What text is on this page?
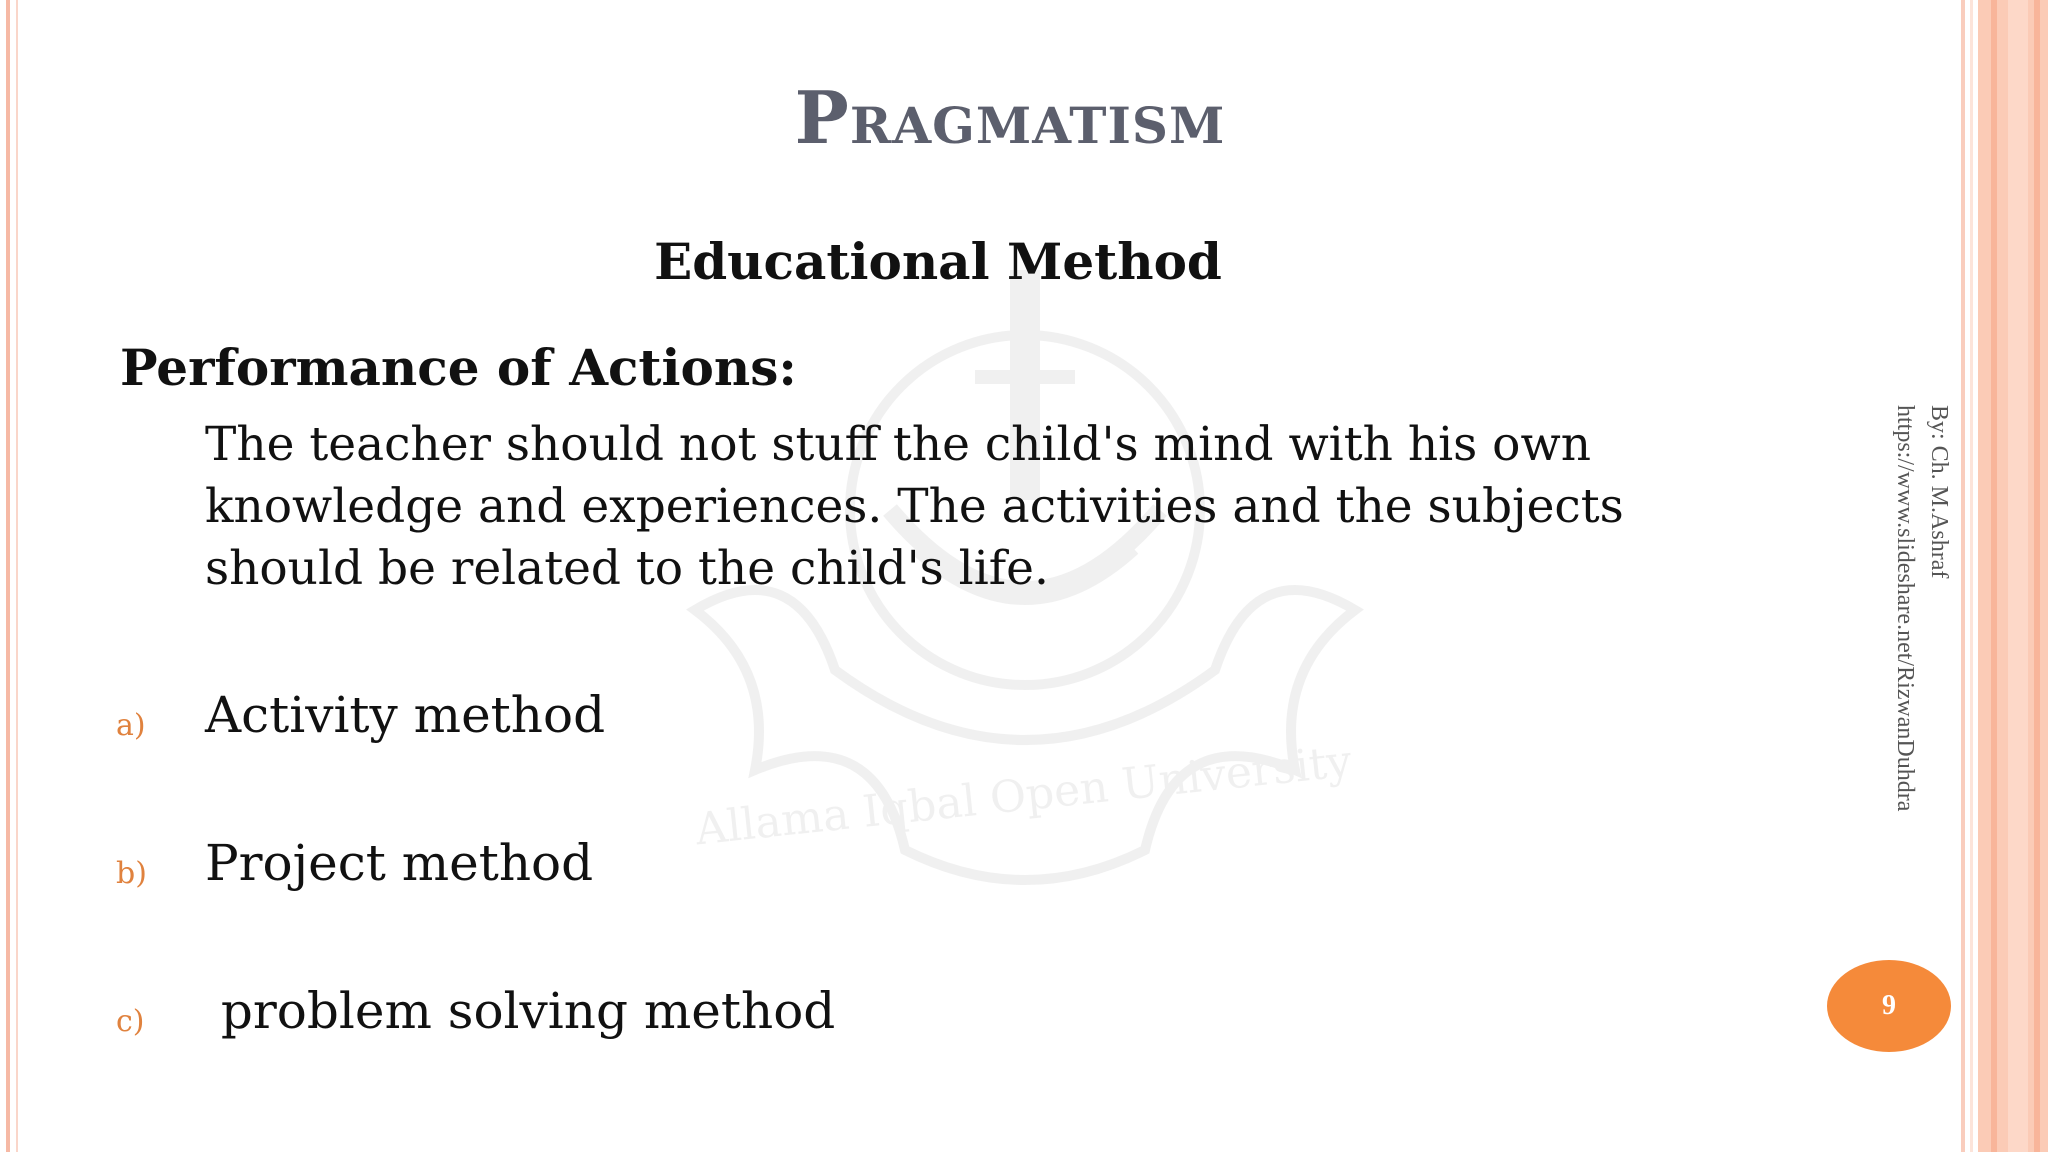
Allama Iqbal Open University
Pragmatism
Educational Method
Performance of Actions:
The teacher should not stuff the child's mind with his own
knowledge and experiences. The activities and the subjects
should be related to the child's life.
a) Activity method
b) Project method
c) problem solving method
By: Ch. M.Ashraf
https://www.slideshare.net/RizwanDuhdra
9
